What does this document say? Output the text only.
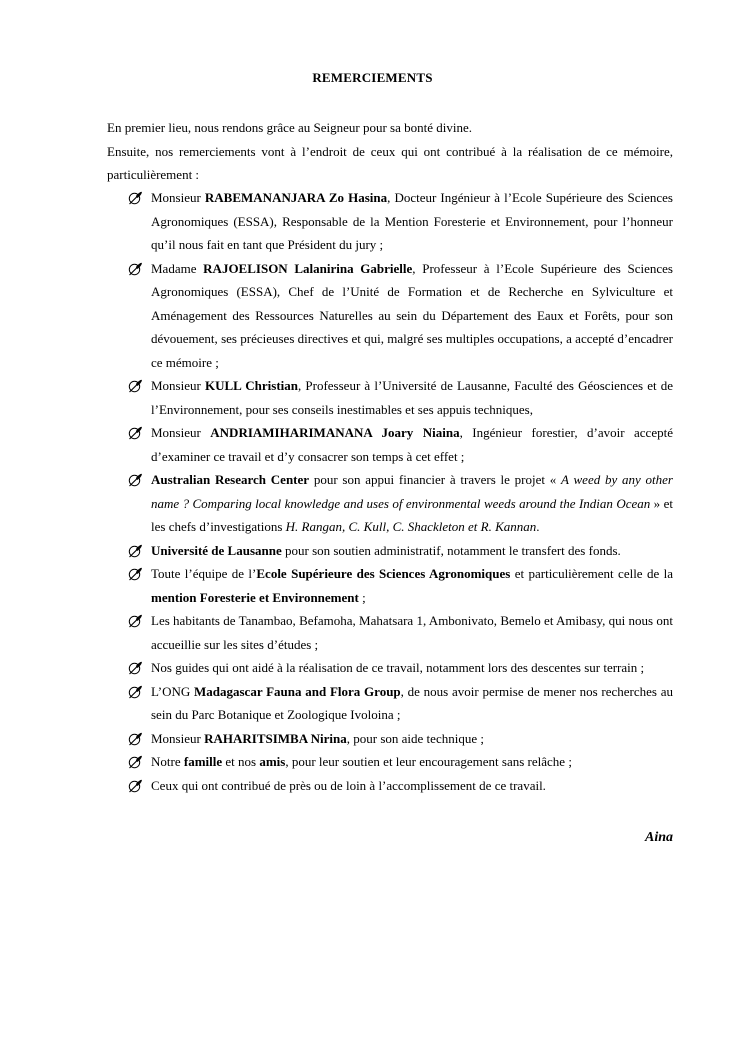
REMERCIEMENTS

En premier lieu, nous rendons grâce au Seigneur pour sa bonté divine.

Ensuite, nos remerciements vont à l’endroit de ceux qui ont contribué à la réalisation de ce mémoire, particulièrement :

Monsieur RABEMANANJARA Zo Hasina, Docteur Ingénieur à l’Ecole Supérieure des Sciences Agronomiques (ESSA), Responsable de la Mention Foresterie et Environnement, pour l’honneur qu’il nous fait en tant que Président du jury ;
Madame RAJOELISON Lalanirina Gabrielle, Professeur à l’Ecole Supérieure des Sciences Agronomiques (ESSA), Chef de l’Unité de Formation et de Recherche en Sylviculture et Aménagement des Ressources Naturelles au sein du Département des Eaux et Forêts, pour son dévouement, ses précieuses directives et qui, malgré ses multiples occupations, a accepté d’encadrer ce mémoire ;
Monsieur KULL Christian, Professeur à l’Université de Lausanne, Faculté des Géosciences et de l’Environnement, pour ses conseils inestimables et ses appuis techniques,
Monsieur ANDRIAMIHARIMANANA Joary Niaina, Ingénieur forestier, d’avoir accepté d’examiner ce travail et d’y consacrer son temps à cet effet ;
Australian Research Center pour son appui financier à travers le projet « A weed by any other name ? Comparing local knowledge and uses of environmental weeds around the Indian Ocean » et les chefs d’investigations H. Rangan, C. Kull, C. Shackleton et R. Kannan.
Université de Lausanne pour son soutien administratif, notamment le transfert des fonds.
Toute l’équipe de l’Ecole Supérieure des Sciences Agronomiques et particulièrement celle de la mention Foresterie et Environnement ;
Les habitants de Tanambao, Befamoha, Mahatsara 1, Ambonivato, Bemelo et Amibasy, qui nous ont accueillie sur les sites d’études ;
Nos guides qui ont aidé à la réalisation de ce travail, notamment lors des descentes sur terrain ;
L’ONG Madagascar Fauna and Flora Group, de nous avoir permise de mener nos recherches au sein du Parc Botanique et Zoologique Ivoloina ;
Monsieur RAHARITSIMBA Nirina, pour son aide technique ;
Notre famille et nos amis, pour leur soutien et leur encouragement sans relâche ;
Ceux qui ont contribué de près ou de loin à l’accomplissement de ce travail.
Aina
